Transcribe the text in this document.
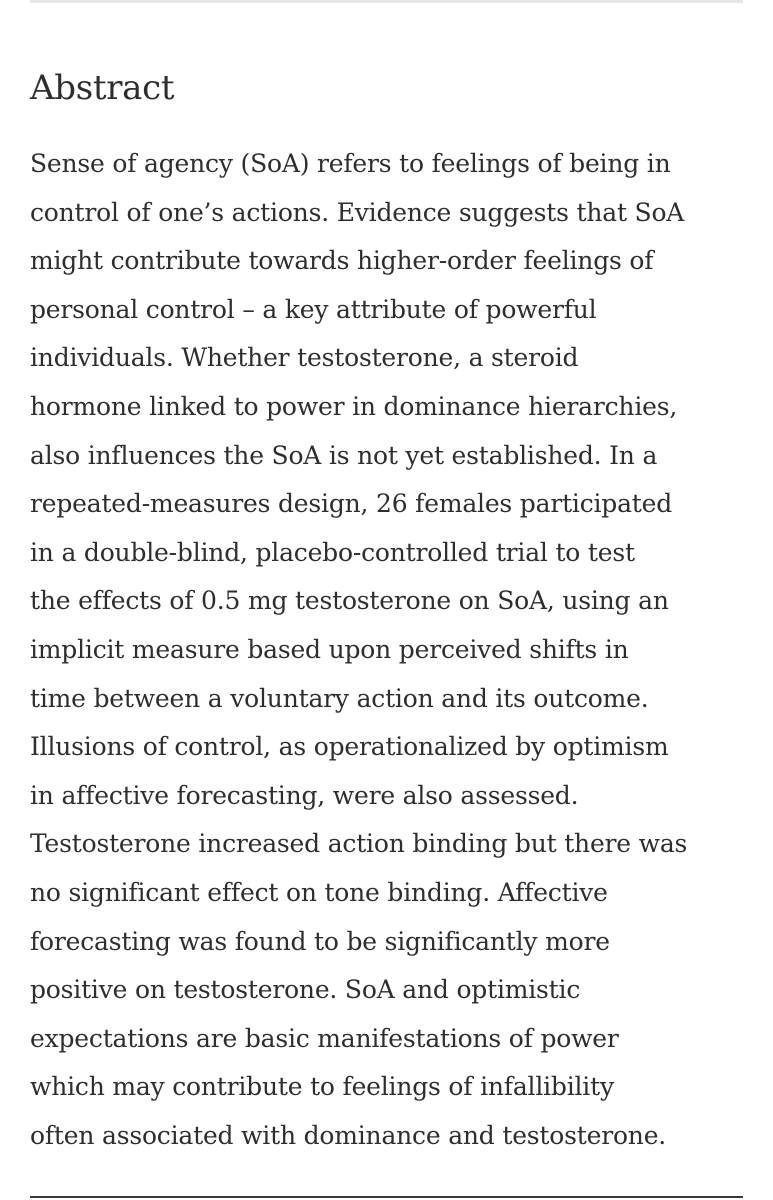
Abstract

Sense of agency (SoA) refers to feelings of being in
control of one’s actions. Evidence suggests that SoA
might contribute towards higher-order feelings of
personal control – a key attribute of powerful
individuals. Whether testosterone, a steroid
hormone linked to power in dominance hierarchies,
also influences the SoA is not yet established. In a
repeated-measures design, 26 females participated
in a double-blind, placebo-controlled trial to test
the effects of 0.5 mg testosterone on SoA, using an
implicit measure based upon perceived shifts in
time between a voluntary action and its outcome.
Illusions of control, as operationalized by optimism
in affective forecasting, were also assessed.
Testosterone increased action binding but there was
no significant effect on tone binding. Affective
forecasting was found to be significantly more
positive on testosterone. SoA and optimistic
expectations are basic manifestations of power
which may contribute to feelings of infallibility
often associated with dominance and testosterone.
